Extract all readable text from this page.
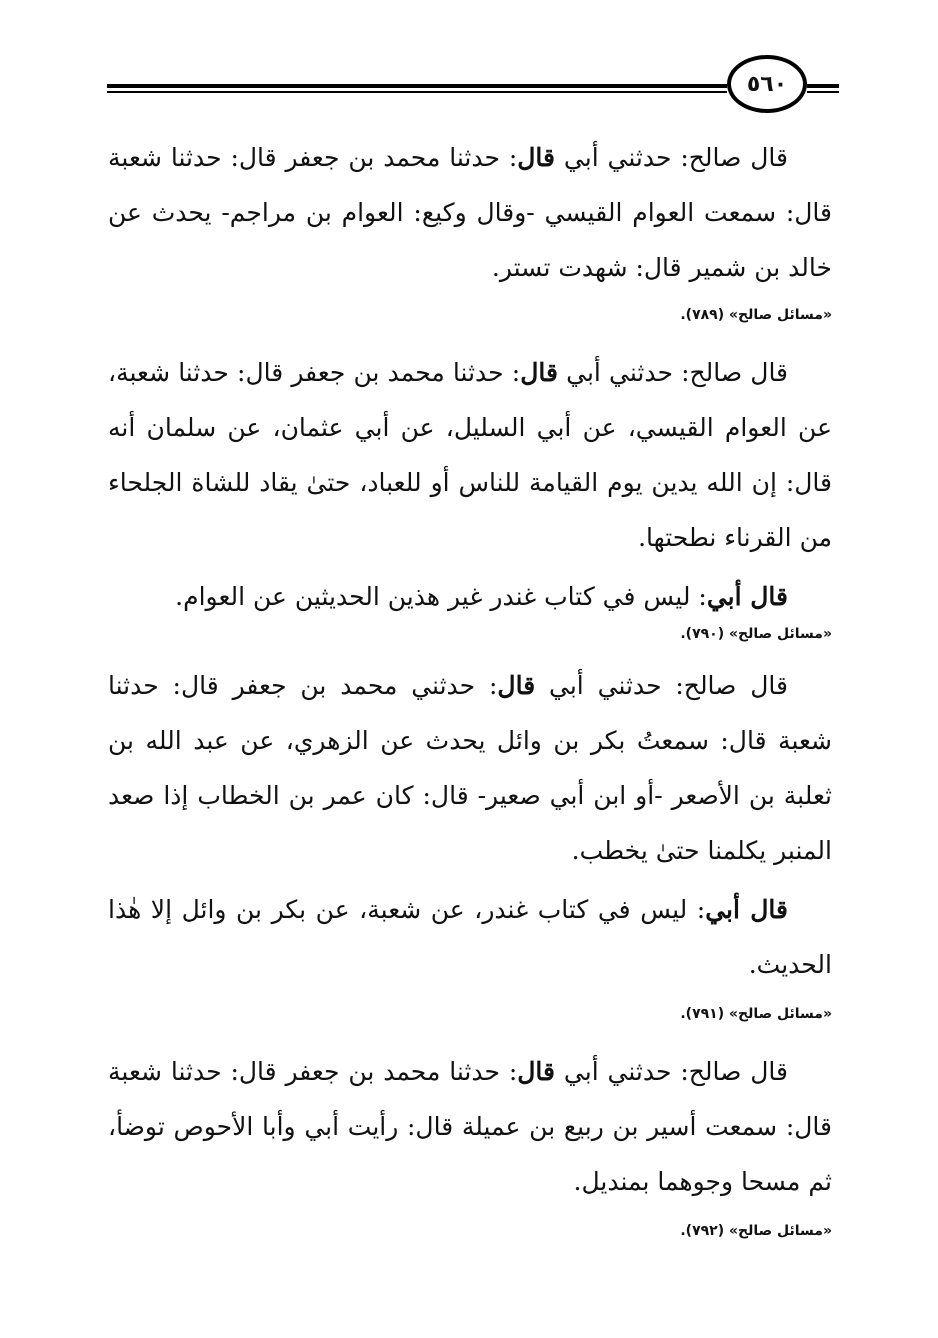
٥٦٠

قال صالح: حدثني أبي قال: حدثنا محمد بن جعفر قال: حدثنا شعبة قال: سمعت العوام القيسي -وقال وكيع: العوام بن مراجم- يحدث عن خالد بن شمير قال: شهدت تستر.

«مسائل صالح» (٧٨٩).

قال صالح: حدثني أبي قال: حدثنا محمد بن جعفر قال: حدثنا شعبة، عن العوام القيسي، عن أبي السليل، عن أبي عثمان، عن سلمان أنه قال: إن الله يدين يوم القيامة للناس أو للعباد، حتىٰ يقاد للشاة الجلحاء من القرناء نطحتها.

قال أبي: ليس في كتاب غندر غير هذين الحديثين عن العوام.

«مسائل صالح» (٧٩٠).

قال صالح: حدثني أبي قال: حدثني محمد بن جعفر قال: حدثنا شعبة قال: سمعتُ بكر بن وائل يحدث عن الزهري، عن عبد الله بن ثعلبة بن الأصعر -أو ابن أبي صعير- قال: كان عمر بن الخطاب إذا صعد المنبر يكلمنا حتىٰ يخطب.

قال أبي: ليس في كتاب غندر، عن شعبة، عن بكر بن وائل إلا هٰذا الحديث.

«مسائل صالح» (٧٩١).

قال صالح: حدثني أبي قال: حدثنا محمد بن جعفر قال: حدثنا شعبة قال: سمعت أسير بن ربيع بن عميلة قال: رأيت أبي وأبا الأحوص توضأ، ثم مسحا وجوهما بمنديل.

«مسائل صالح» (٧٩٢).
